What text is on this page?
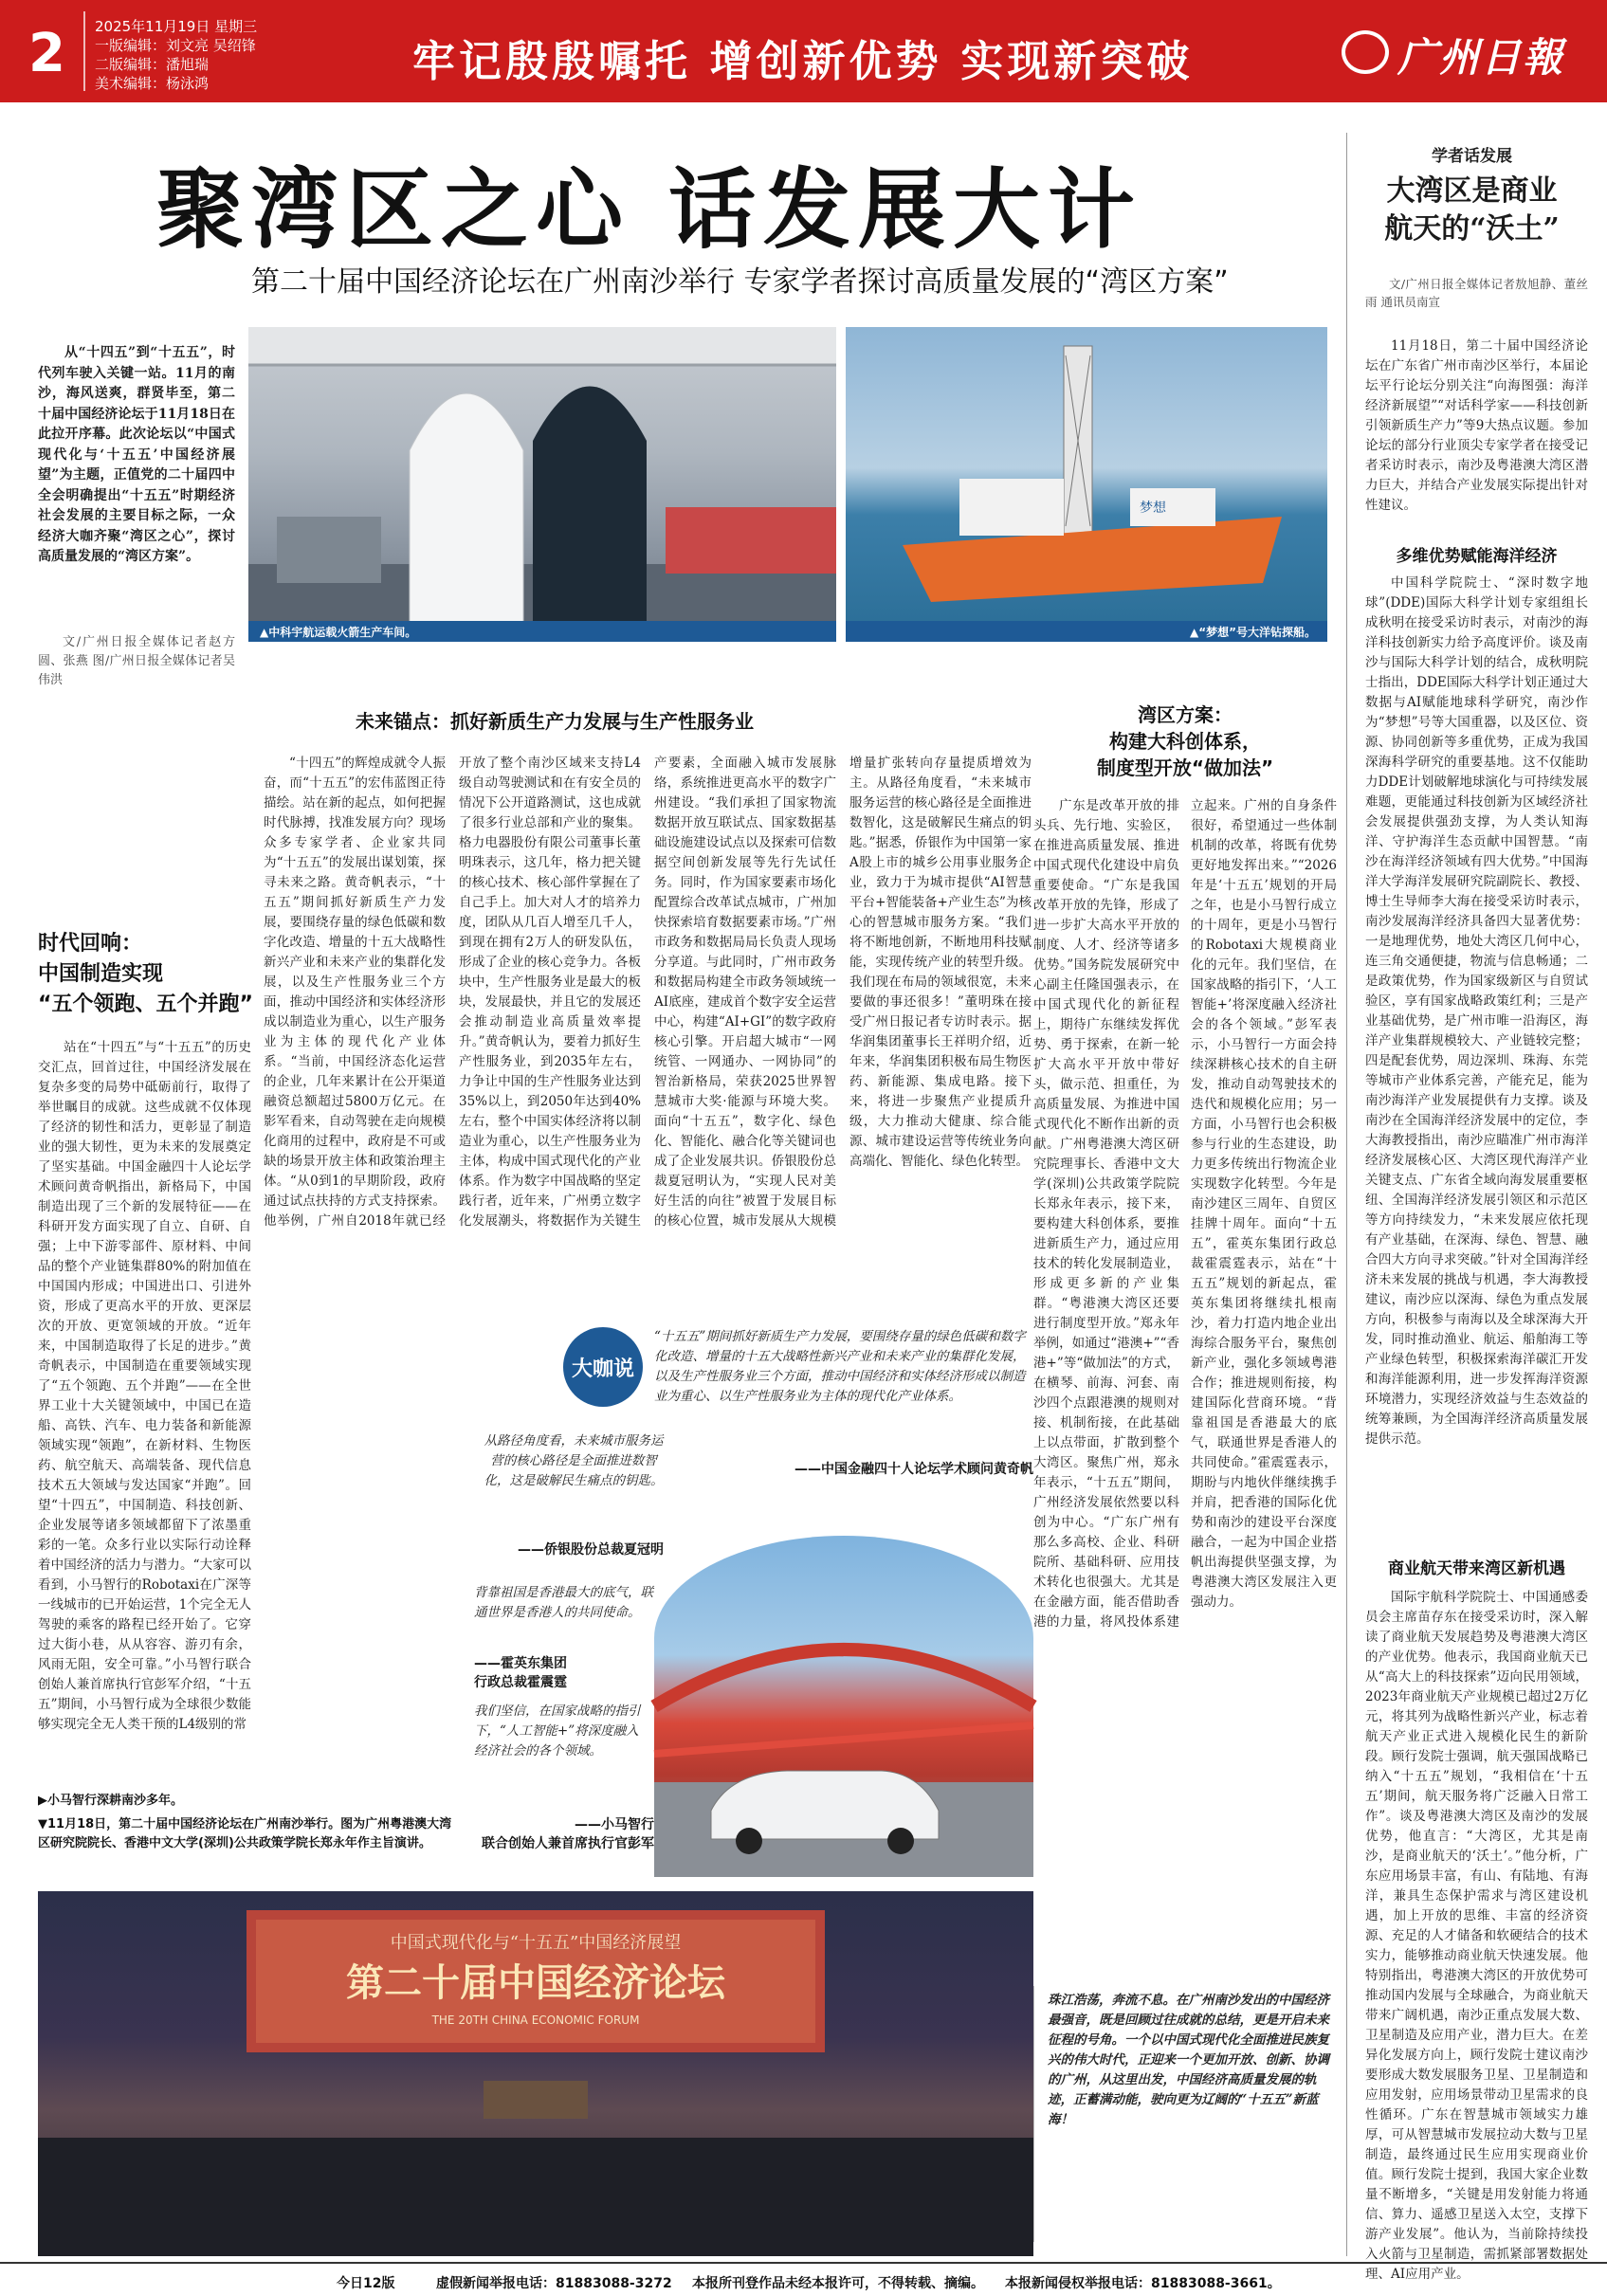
2 2025年11月19日 星期三
一版编辑：刘文亮 吴绍锋
二版编辑：潘旭瑞
美术编辑：杨泳鸿	牢记殷殷嘱托 增创新优势 实现新突破	广州日報
聚湾区之心 话发展大计
第二十届中国经济论坛在广州南沙举行 专家学者探讨高质量发展的“湾区方案”

从“十四五”到“十五五”，时代列车驶入关键一站。11月的南沙，海风送爽，群贤毕至，第二十届中国经济论坛于11月18日在此拉开序幕。此次论坛以“中国式现代化与‘十五五’中国经济展望”为主题，正值党的二十届四中全会明确提出“十五五”时期经济社会发展的主要目标之际，一众经济大咖齐聚“湾区之心”，探讨高质量发展的“湾区方案”。

文/广州日报全媒体记者赵方圆、张燕 图/广州日报全媒体记者吴伟洪

▲中科宇航运载火箭生产车间。
梦想
▲“梦想”号大洋钻探船。
未来锚点：抓好新质生产力发展与生产性服务业

“十四五”的辉煌成就令人振奋，而“十五五”的宏伟蓝图正待描绘。站在新的起点，如何把握时代脉搏，找准发展方向？现场众多专家学者、企业家共同为“十五五”的发展出谋划策，探寻未来之路。黄奇帆表示，“十五五”期间抓好新质生产力发展，要围绕存量的绿色低碳和数字化改造、增量的十五大战略性新兴产业和未来产业的集群化发展，以及生产性服务业三个方面，推动中国经济和实体经济形成以制造业为重心，以生产服务业为主体的现代化产业体系。“当前，中国经济态化运营的企业，几年来累计在公开渠道融资总额超过5800万亿元。在影军看来，自动驾驶在走向规模化商用的过程中，政府是不可或缺的场景开放主体和政策治理主体。“从0到1的早期阶段，政府通过试点扶持的方式支持探索。他举例，广州自2018年就已经开放了整个南沙区域来支持L4级自动驾驶测试和在有安全员的情况下公开道路测试，这也成就了很多行业总部和产业的聚集。格力电器股份有限公司董事长董明珠表示，这几年，格力把关键的核心技术、核心部件掌握在了自己手上。加大对人才的培养力度，团队从几百人增至几千人，到现在拥有2万人的研发队伍，形成了企业的核心竞争力。各板块中，生产性服务业是最大的板块，发展最快，并且它的发展还会推动制造业高质量效率提升。”黄奇帆认为，要着力抓好生产性服务业，到2035年左右，力争让中国的生产性服务业达到35%以上，到2050年达到40%左右，整个中国实体经济将以制造业为重心，以生产性服务业为主体，构成中国式现代化的产业体系。作为数字中国战略的坚定践行者，近年来，广州勇立数字化发展潮头，将数据作为关键生产要素，全面融入城市发展脉络，系统推进更高水平的数字广州建设。“我们承担了国家物流数据开放互联试点、国家数据基础设施建设试点以及探索可信数据空间创新发展等先行先试任务。同时，作为国家要素市场化配置综合改革试点城市，广州加快探索培育数据要素市场。”广州市政务和数据局局长负责人现场分享道。与此同时，广州市政务和数据局构建全市政务领域统一AI底座，建成首个数字安全运营中心，构建“AI+GI”的数字政府核心引擎。开启超大城市“一网统管、一网通办、一网协同”的智治新格局，荣获2025世界智慧城市大奖·能源与环境大奖。面向“十五五”，数字化、绿色化、智能化、融合化等关键词也成了企业发展共识。侨银股份总裁夏冠明认为，“实现人民对美好生活的向往”被置于发展目标的核心位置，城市发展从大规模增量扩张转向存量提质增效为主。从路径角度看，“未来城市服务运营的核心路径是全面推进数智化，这是破解民生痛点的钥匙。”据悉，侨银作为中国第一家A股上市的城乡公用事业服务企业，致力于为城市提供“AI智慧平台+智能装备+产业生态”为核心的智慧城市服务方案。“我们将不断地创新，不断地用科技赋能，实现传统产业的转型升级。我们现在布局的领域很宽，未来要做的事还很多！”董明珠在接受广州日报记者专访时表示。据华润集团董事长王祥明介绍，近年来，华润集团积极布局生物医药、新能源、集成电路。接下来，将进一步聚焦产业提质升级，大力推动大健康、综合能源、城市建设运营等传统业务向高端化、智能化、绿色化转型。

时代回响：
中国制造实现
“五个领跑、五个并跑”

站在“十四五”与“十五五”的历史交汇点，回首过往，中国经济发展在复杂多变的局势中砥砺前行，取得了举世瞩目的成就。这些成就不仅体现了经济的韧性和活力，更彰显了制造业的强大韧性，更为未来的发展奠定了坚实基础。中国金融四十人论坛学术顾问黄奇帆指出，新格局下，中国制造出现了三个新的发展特征——在科研开发方面实现了自立、自研、自强；上中下游零部件、原材料、中间品的整个产业链集群80%的附加值在中国国内形成；中国进出口、引进外资，形成了更高水平的开放、更深层次的开放、更宽领域的开放。“近年来，中国制造取得了长足的进步。”黄奇帆表示，中国制造在重要领域实现了“五个领跑、五个并跑”——在全世界工业十大关键领域中，中国已在造船、高铁、汽车、电力装备和新能源领域实现“领跑”，在新材料、生物医药、航空航天、高端装备、现代信息技术五大领域与发达国家“并跑”。回望“十四五”，中国制造、科技创新、企业发展等诸多领域都留下了浓墨重彩的一笔。众多行业以实际行动诠释着中国经济的活力与潜力。“大家可以看到，小马智行的Robotaxi在广深等一线城市的已开始运营，1个完全无人驾驶的乘客的路程已经开始了。它穿过大街小巷，从从容容、游刃有余，风雨无阻，安全可靠。”小马智行联合创始人兼首席执行官彭军介绍，“十五五”期间，小马智行成为全球很少数能够实现完全无人类干预的L4级别的常

湾区方案：
构建大科创体系，
制度型开放“做加法”

广东是改革开放的排头兵、先行地、实验区，在推进高质量发展、推进中国式现代化建设中肩负重要使命。“广东是我国改革开放的先锋，形成了进一步扩大高水平开放的制度、人才、经济等诸多优势。”国务院发展研究中心副主任隆国强表示，在中国式现代化的新征程上，期待广东继续发挥优势、勇于探索，在新一轮扩大高水平开放中带好头，做示范、担重任，为高质量发展、为推进中国式现代化不断作出新的贡献。广州粤港澳大湾区研究院理事长、香港中文大学(深圳)公共政策学院院长郑永年表示，接下来，要构建大科创体系，要推进新质生产力，通过应用技术的转化发展制造业，形成更多新的产业集群。“粤港澳大湾区还要进行制度型开放。”郑永年举例，如通过“港澳+”“香港+”等“做加法”的方式，在横琴、前海、河套、南沙四个点跟港澳的规则对接、机制衔接，在此基础上以点带面，扩散到整个大湾区。聚焦广州，郑永年表示，“十五五”期间，广州经济发展依然要以科创为中心。“广东广州有那么多高校、企业、科研院所、基础科研、应用技术转化也很强大。尤其是在金融方面，能否借助香港的力量，将风投体系建立起来。广州的自身条件很好，希望通过一些体制机制的改革，将既有优势更好地发挥出来。”“2026年是‘十五五’规划的开局之年，也是小马智行成立的十周年，更是小马智行的Robotaxi大规模商业化的元年。我们坚信，在国家战略的指引下，‘人工智能+’将深度融入经济社会的各个领域。”彭军表示，小马智行一方面会持续深耕核心技术的自主研发，推动自动驾驶技术的迭代和规模化应用；另一方面，小马智行也会积极参与行业的生态建设，助力更多传统出行物流企业实现数字化转型。今年是南沙建区三周年、自贸区挂牌十周年。面向“十五五”，霍英东集团行政总裁霍震霆表示，站在“十五五”规划的新起点，霍英东集团将继续扎根南沙，着力打造内地企业出海综合服务平台，聚焦创新产业，强化多领域粤港合作；推进规则衔接，构建国际化营商环境。“背靠祖国是香港最大的底气，联通世界是香港人的共同使命。”霍震霆表示，期盼与内地伙伴继续携手并肩，把香港的国际化优势和南沙的建设平台深度融合，一起为中国企业搭帆出海提供坚强支撑，为粤港澳大湾区发展注入更强动力。

大咖说
“十五五”期间抓好新质生产力发展，要围绕存量的绿色低碳和数字化改造、增量的十五大战略性新兴产业和未来产业的集群化发展，以及生产性服务业三个方面，推动中国经济和实体经济形成以制造业为重心、以生产性服务业为主体的现代化产业体系。
——中国金融四十人论坛学术顾问黄奇帆
从路径角度看，未来城市服务运营的核心路径是全面推进数智化，这是破解民生痛点的钥匙。
——侨银股份总裁夏冠明
背靠祖国是香港最大的底气，联通世界是香港人的共同使命。
——霍英东集团
行政总裁霍震霆
我们坚信，在国家战略的指引下，“人工智能+”将深度融入经济社会的各个领域。
——小马智行
联合创始人兼首席执行官彭军
▶小马智行深耕南沙多年。
▼11月18日，第二十届中国经济论坛在广州南沙举行。图为广州粤港澳大湾区研究院院长、香港中文大学(深圳)公共政策学院长郑永年作主旨演讲。
中国式现代化与“十五五”中国经济展望
第二十届中国经济论坛
THE 20TH CHINA ECONOMIC FORUM
珠江浩荡，奔流不息。在广州南沙发出的中国经济最强音，既是回顾过往成就的总结，更是开启未来征程的号角。一个以中国式现代化全面推进民族复兴的伟大时代，正迎来一个更加开放、创新、协调的广州，从这里出发，中国经济高质量发展的轨迹，正蓄满动能，驶向更为辽阔的“十五五”新蓝海！
学者话发展
大湾区是商业
航天的“沃土”

文/广州日报全媒体记者敖旭静、董丝雨 通讯员南宣

11月18日，第二十届中国经济论坛在广东省广州市南沙区举行，本届论坛平行论坛分别关注“向海图强：海洋经济新展望”“对话科学家——科技创新引领新质生产力”等9大热点议题。参加论坛的部分行业顶尖专家学者在接受记者采访时表示，南沙及粤港澳大湾区潜力巨大，并结合产业发展实际提出针对性建议。

多维优势赋能海洋经济

中国科学院院士、“深时数字地球”(DDE)国际大科学计划专家组组长成秋明在接受采访时表示，对南沙的海洋科技创新实力给予高度评价。谈及南沙与国际大科学计划的结合，成秋明院士指出，DDE国际大科学计划正通过大数据与AI赋能地球科学研究，南沙作为“梦想”号等大国重器，以及区位、资源、协同创新等多重优势，正成为我国深海科学研究的重要基地。这不仅能助力DDE计划破解地球演化与可持续发展难题，更能通过科技创新为区域经济社会发展提供强劲支撑，为人类认知海洋、守护海洋生态贡献中国智慧。“南沙在海洋经济领域有四大优势。”中国海洋大学海洋发展研究院副院长、教授、博士生导师李大海在接受采访时表示，南沙发展海洋经济具备四大显著优势：一是地理优势，地处大湾区几何中心，连三角交通便捷，物流与信息畅通；二是政策优势，作为国家级新区与自贸试验区，享有国家战略政策红利；三是产业基础优势，是广州市唯一沿海区，海洋产业集群规模较大、产业链较完整；四是配套优势，周边深圳、珠海、东莞等城市产业体系完善，产能充足，能为南沙海洋产业发展提供有力支撑。谈及南沙在全国海洋经济发展中的定位，李大海教授指出，南沙应瞄准广州市海洋经济发展核心区、大湾区现代海洋产业关键支点、广东省全域向海发展重要枢纽、全国海洋经济发展引领区和示范区等方向持续发力，“未来发展应依托现有产业基础，在深海、绿色、智慧、融合四大方向寻求突破。”针对全国海洋经济未来发展的挑战与机遇，李大海教授建议，南沙应以深海、绿色为重点发展方向，积极参与南海以及全球深海大开发，同时推动渔业、航运、船舶海工等产业绿色转型，积极探索海洋碳汇开发和海洋能源利用，进一步发挥海洋资源环境潜力，实现经济效益与生态效益的统筹兼顾，为全国海洋经济高质量发展提供示范。

商业航天带来湾区新机遇

国际宇航科学院院士、中国通感委员会主席苗存东在接受采访时，深入解读了商业航天发展趋势及粤港澳大湾区的产业优势。他表示，我国商业航天已从“高大上的科技探索”迈向民用领域，2023年商业航天产业规模已超过2万亿元，将其列为战略性新兴产业，标志着航天产业正式进入规模化民生的新阶段。顾行发院士强调，航天强国战略已纳入“十五五”规划，“我相信在‘十五五’期间，航天服务将广泛融入日常工作”。谈及粤港澳大湾区及南沙的发展优势，他直言：“大湾区，尤其是南沙，是商业航天的‘沃土’。”他分析，广东应用场景丰富，有山、有陆地、有海洋，兼具生态保护需求与湾区建设机遇，加上开放的思维、丰富的经济资源、充足的人才储备和软硬结合的技术实力，能够推动商业航天快速发展。他特别指出，粤港澳大湾区的开放优势可推动国内发展与全球融合，为商业航天带来广阔机遇，南沙正重点发展大数、卫星制造及应用产业，潜力巨大。在差异化发展方向上，顾行发院士建议南沙要形成大数发展服务卫星、卫星制造和应用发射，应用场景带动卫星需求的良性循环。广东在智慧城市领域实力雄厚，可从智慧城市发展拉动大数与卫星制造，最终通过民生应用实现商业价值。顾行发院士提到，我国大家企业数量不断增多，“关键是用发射能力将通信、算力、遥感卫星送入太空，支撑下游产业发展”。他认为，当前除持续投入火箭与卫星制造，需抓紧部署数据处理、AI应用产业。

今日12版	虚假新闻举报电话：81883088-3272 本报所刊登作品未经本报许可，不得转载、摘编。 本报新闻侵权举报电话：81883088-3661。
